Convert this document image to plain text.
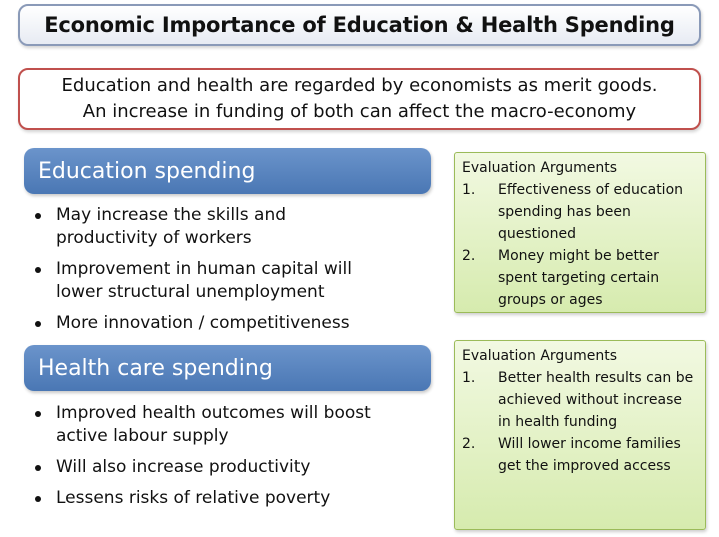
Economic Importance of Education & Health Spending
Education and health are regarded by economists as merit goods.
An increase in funding of both can affect the macro-economy
Education spending
May increase the skills and
productivity of workers
Improvement in human capital will
lower structural unemployment
More innovation / competitiveness
Evaluation Arguments
1.	Effectiveness of education spending has been questioned
2.	Money might be better spent targeting certain groups or ages
Health care spending
Improved health outcomes will boost
active labour supply
Will also increase productivity
Lessens risks of relative poverty
Evaluation Arguments
1.	Better health results can be achieved without increase in health funding
2.	Will lower income families get the improved access
